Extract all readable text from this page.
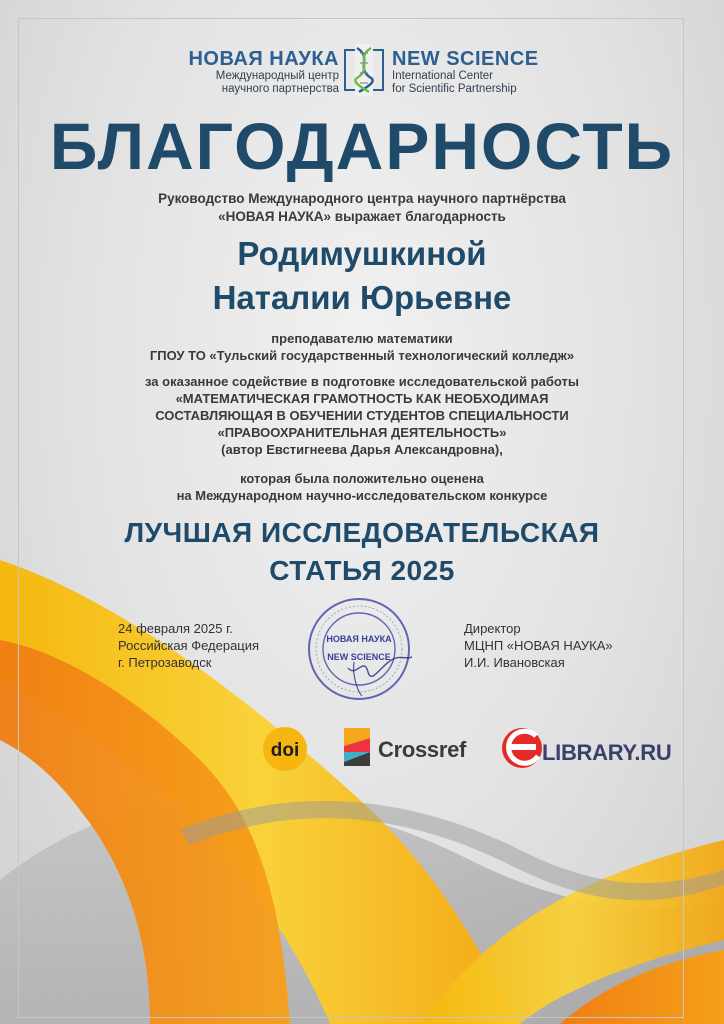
НОВАЯ НАУКА
Международный центр
научного партнерства
NEW SCIENCE
International Center
for Scientific Partnership
БЛАГОДАРНОСТЬ
Руководство Международного центра научного партнёрства
«НОВАЯ НАУКА» выражает благодарность
Родимушкиной
Наталии Юрьевне
преподавателю математики
ГПОУ ТО «Тульский государственный технологический колледж»
за оказанное содействие в подготовке исследовательской работы
«МАТЕМАТИЧЕСКАЯ ГРАМОТНОСТЬ КАК НЕОБХОДИМАЯ
СОСТАВЛЯЮЩАЯ В ОБУЧЕНИИ СТУДЕНТОВ СПЕЦИАЛЬНОСТИ
«ПРАВООХРАНИТЕЛЬНАЯ ДЕЯТЕЛЬНОСТЬ»
(автор Евстигнеева Дарья Александровна),
которая была положительно оценена
на Международном научно-исследовательском конкурсе
ЛУЧШАЯ ИССЛЕДОВАТЕЛЬСКАЯ
СТАТЬЯ 2025
24 февраля 2025 г.
Российская Федерация
г. Петрозаводск
НОВАЯ НАУКА
NEW SCIENCE
Директор
МЦНП «НОВАЯ НАУКА»
И.И. Ивановская
doi	Crossref	LIBRARY.RU
